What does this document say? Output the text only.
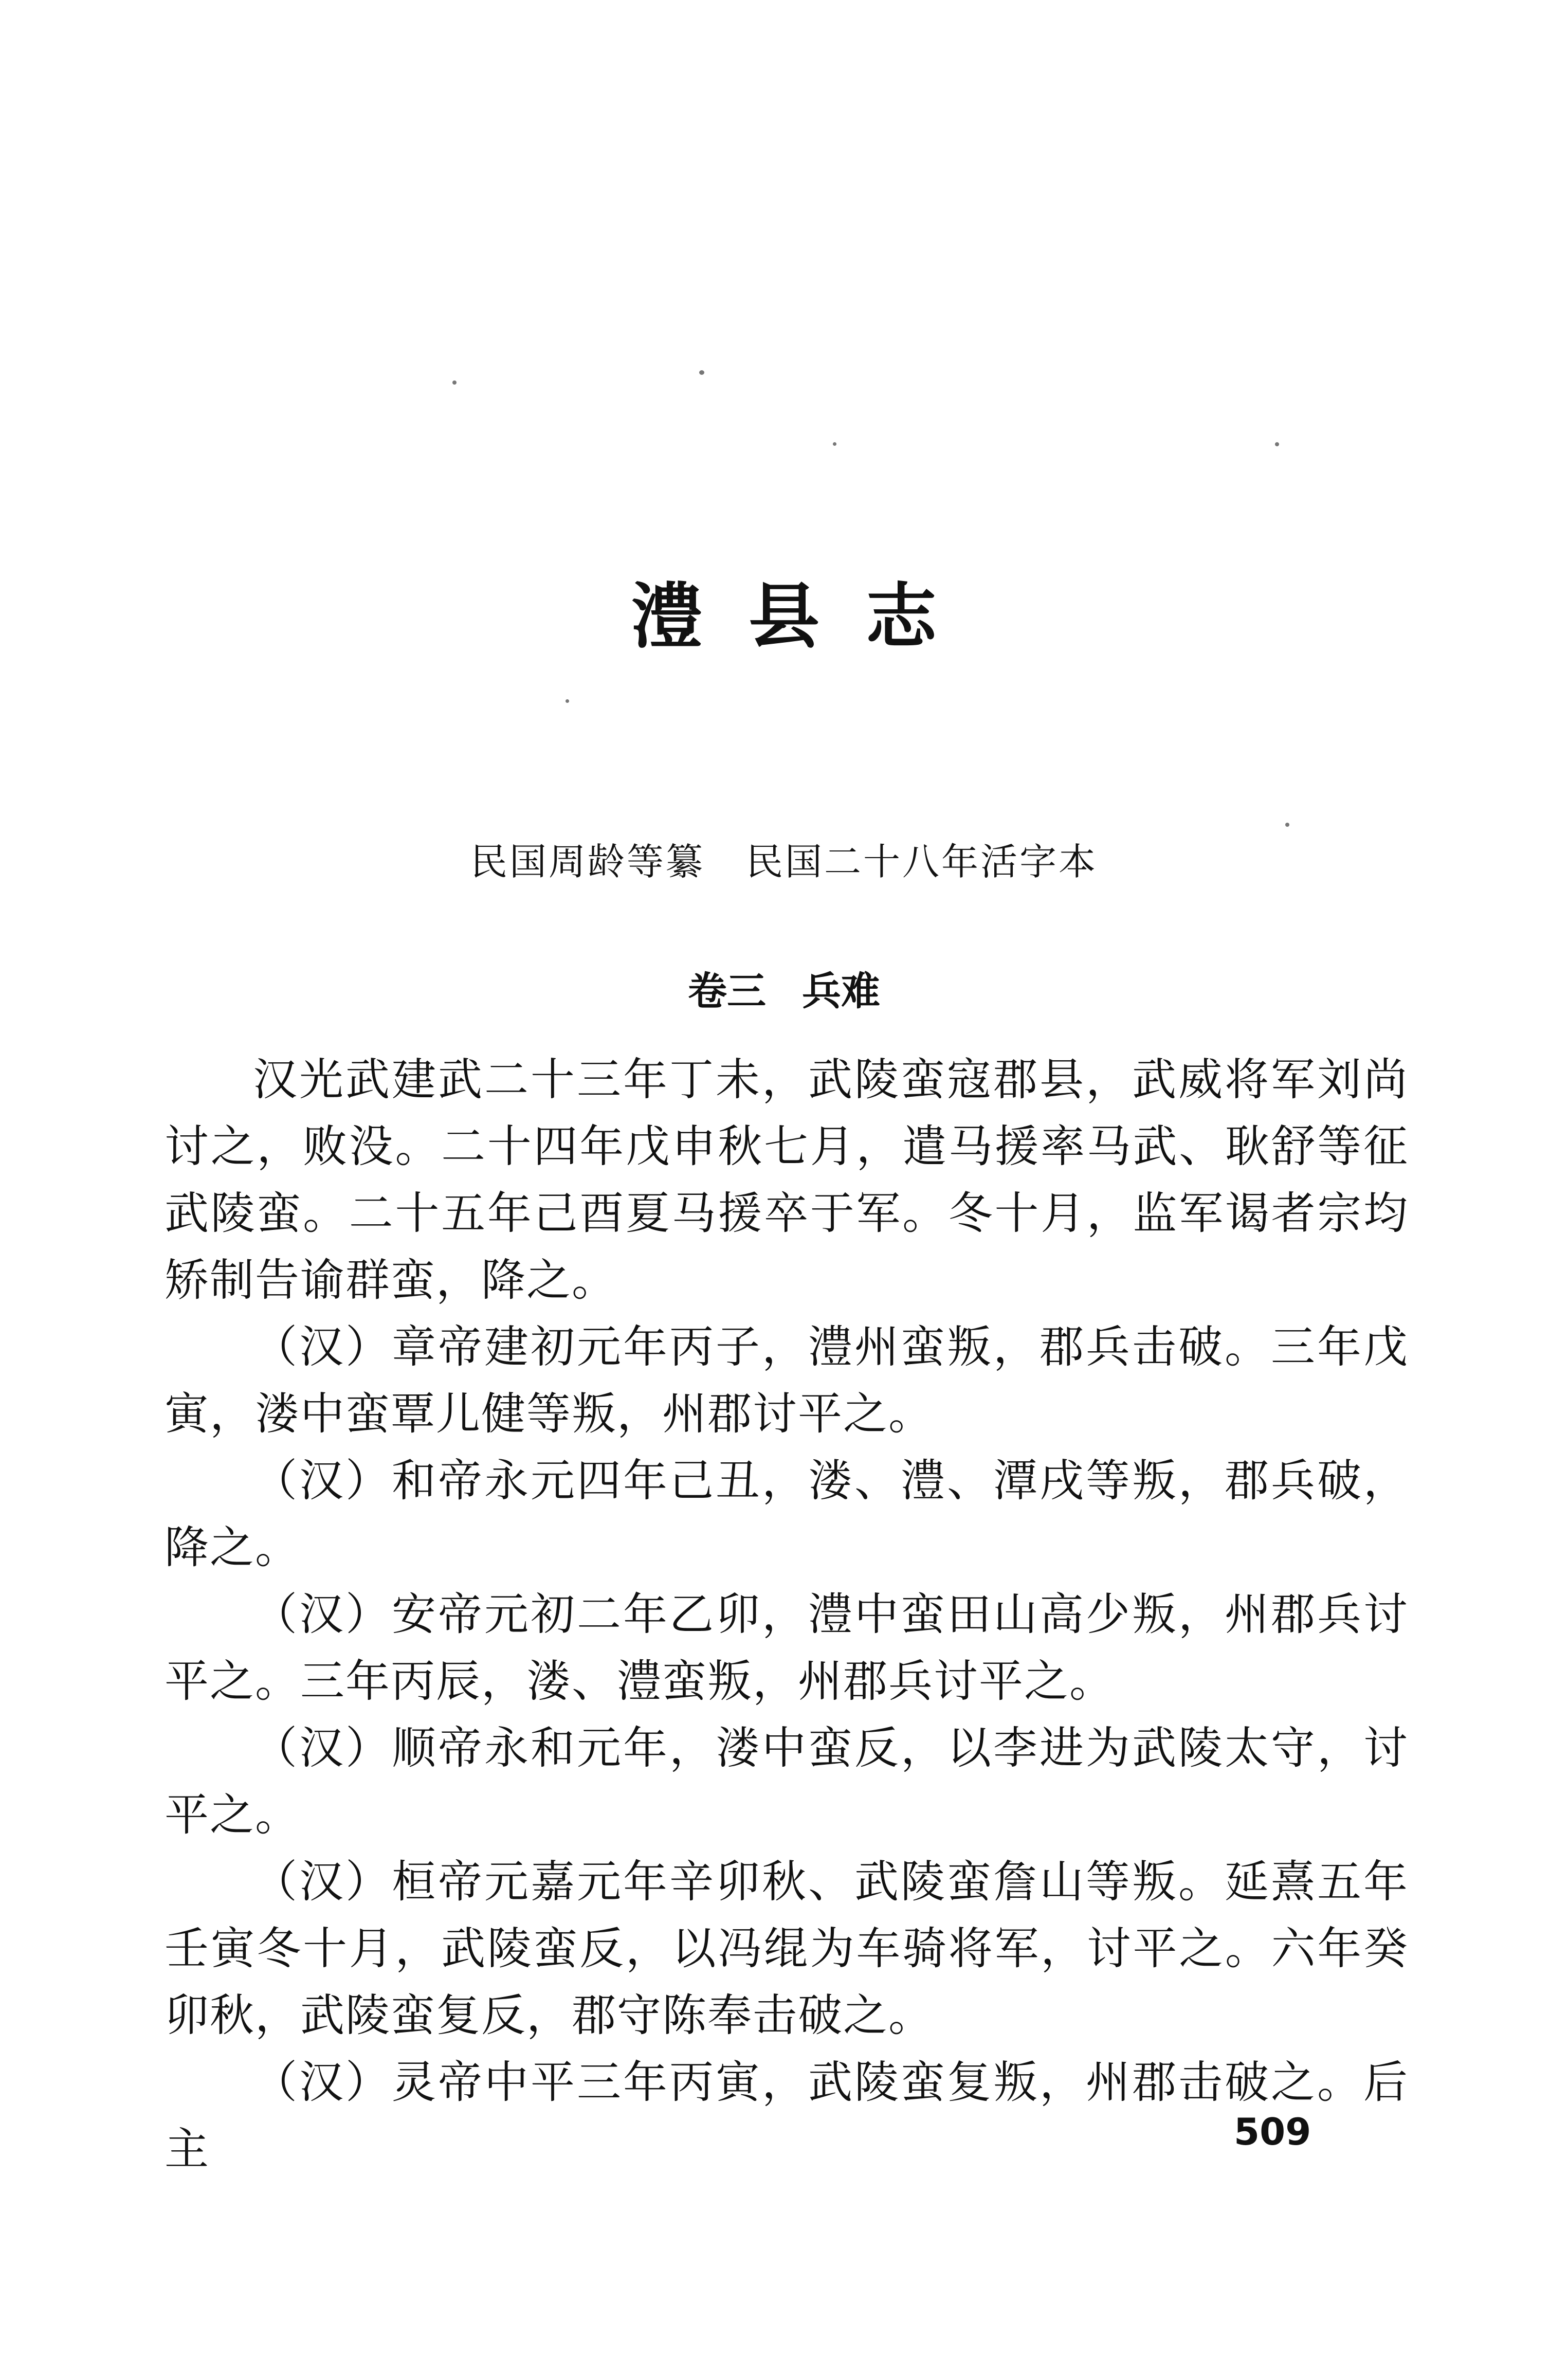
澧县志
民国周龄等纂 民国二十八年活字本
卷三 兵难

汉光武建武二十三年丁未，武陵蛮寇郡县，武威将军刘尚讨之，败没。二十四年戊申秋七月，遣马援率马武、耿舒等征武陵蛮。二十五年己酉夏马援卒于军。冬十月，监军谒者宗均矫制告谕群蛮，降之。

（汉）章帝建初元年丙子，澧州蛮叛，郡兵击破。三年戊寅，溇中蛮覃儿健等叛，州郡讨平之。

（汉）和帝永元四年己丑，溇、澧、潭戌等叛，郡兵破，降之。

（汉）安帝元初二年乙卯，澧中蛮田山高少叛，州郡兵讨平之。三年丙辰，溇、澧蛮叛，州郡兵讨平之。

（汉）顺帝永和元年，溇中蛮反，以李进为武陵太守，讨平之。

（汉）桓帝元嘉元年辛卯秋、武陵蛮詹山等叛。延熹五年壬寅冬十月，武陵蛮反，以冯绲为车骑将军，讨平之。六年癸卯秋，武陵蛮复反，郡守陈奉击破之。

（汉）灵帝中平三年丙寅，武陵蛮复叛，州郡击破之。后主	509
